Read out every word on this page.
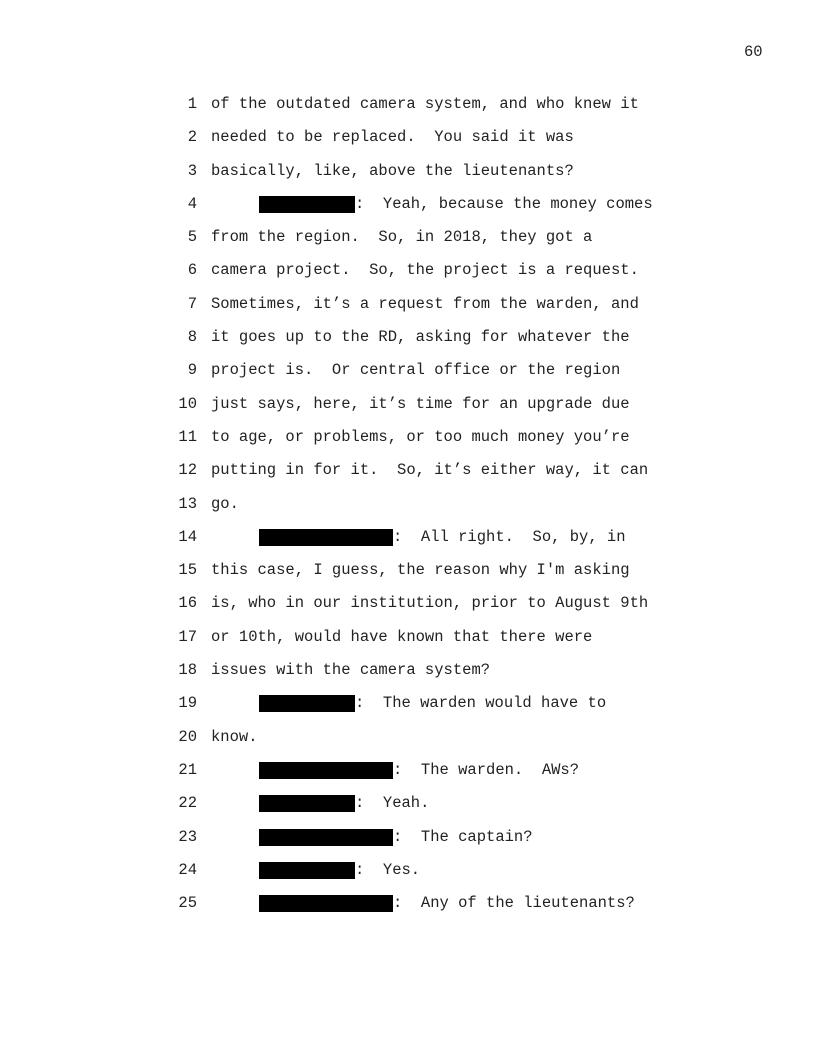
60
1 of the outdated camera system, and who knew it
2 needed to be replaced.  You said it was
3 basically, like, above the lieutenants?
4	:  Yeah, because the money comes
5 from the region.  So, in 2018, they got a
6 camera project.  So, the project is a request.
7 Sometimes, it’s a request from the warden, and
8 it goes up to the RD, asking for whatever the
9 project is.  Or central office or the region
10 just says, here, it’s time for an upgrade due
11 to age, or problems, or too much money you’re
12 putting in for it.  So, it’s either way, it can
13 go.
14	:  All right.  So, by, in
15 this case, I guess, the reason why I'm asking
16 is, who in our institution, prior to August 9th
17 or 10th, would have known that there were
18 issues with the camera system?
19	:  The warden would have to
20 know.
21	:  The warden.  AWs?
22	:  Yeah.
23	:  The captain?
24	:  Yes.
25	:  Any of the lieutenants?
